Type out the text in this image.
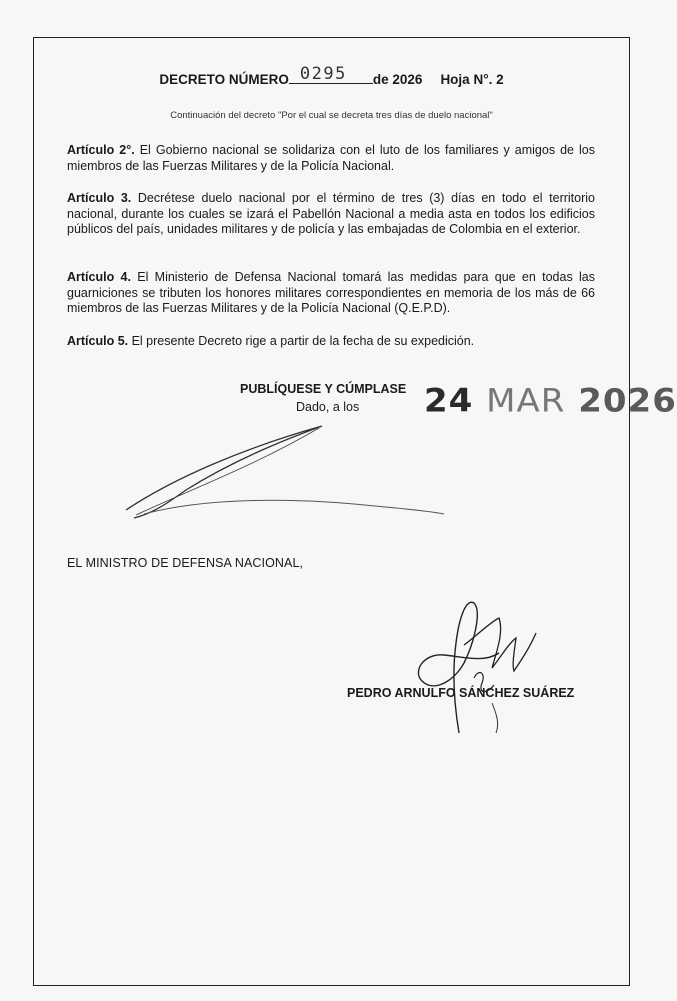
DECRETO NÚMERO 0295 de 2026 Hoja N°. 2
Continuación del decreto "Por el cual se decreta tres días de duelo nacional"

Artículo 2°. El Gobierno nacional se solidariza con el luto de los familiares y amigos de los miembros de las Fuerzas Militares y de la Policía Nacional.

Artículo 3. Decrétese duelo nacional por el término de tres (3) días en todo el territorio nacional, durante los cuales se izará el Pabellón Nacional a media asta en todos los edificios públicos del país, unidades militares y de policía y las embajadas de Colombia en el exterior.

Artículo 4. El Ministerio de Defensa Nacional tomará las medidas para que en todas las guarniciones se tributen los honores militares correspondientes en memoria de los más de 66 miembros de las Fuerzas Militares y de la Policía Nacional (Q.E.P.D).

Artículo 5. El presente Decreto rige a partir de la fecha de su expedición.

PUBLÍQUESE Y CÚMPLASE
Dado, a los 24 MAR 2026
EL MINISTRO DE DEFENSA NACIONAL,
PEDRO ARNULFO SÁNCHEZ SUÁREZ
